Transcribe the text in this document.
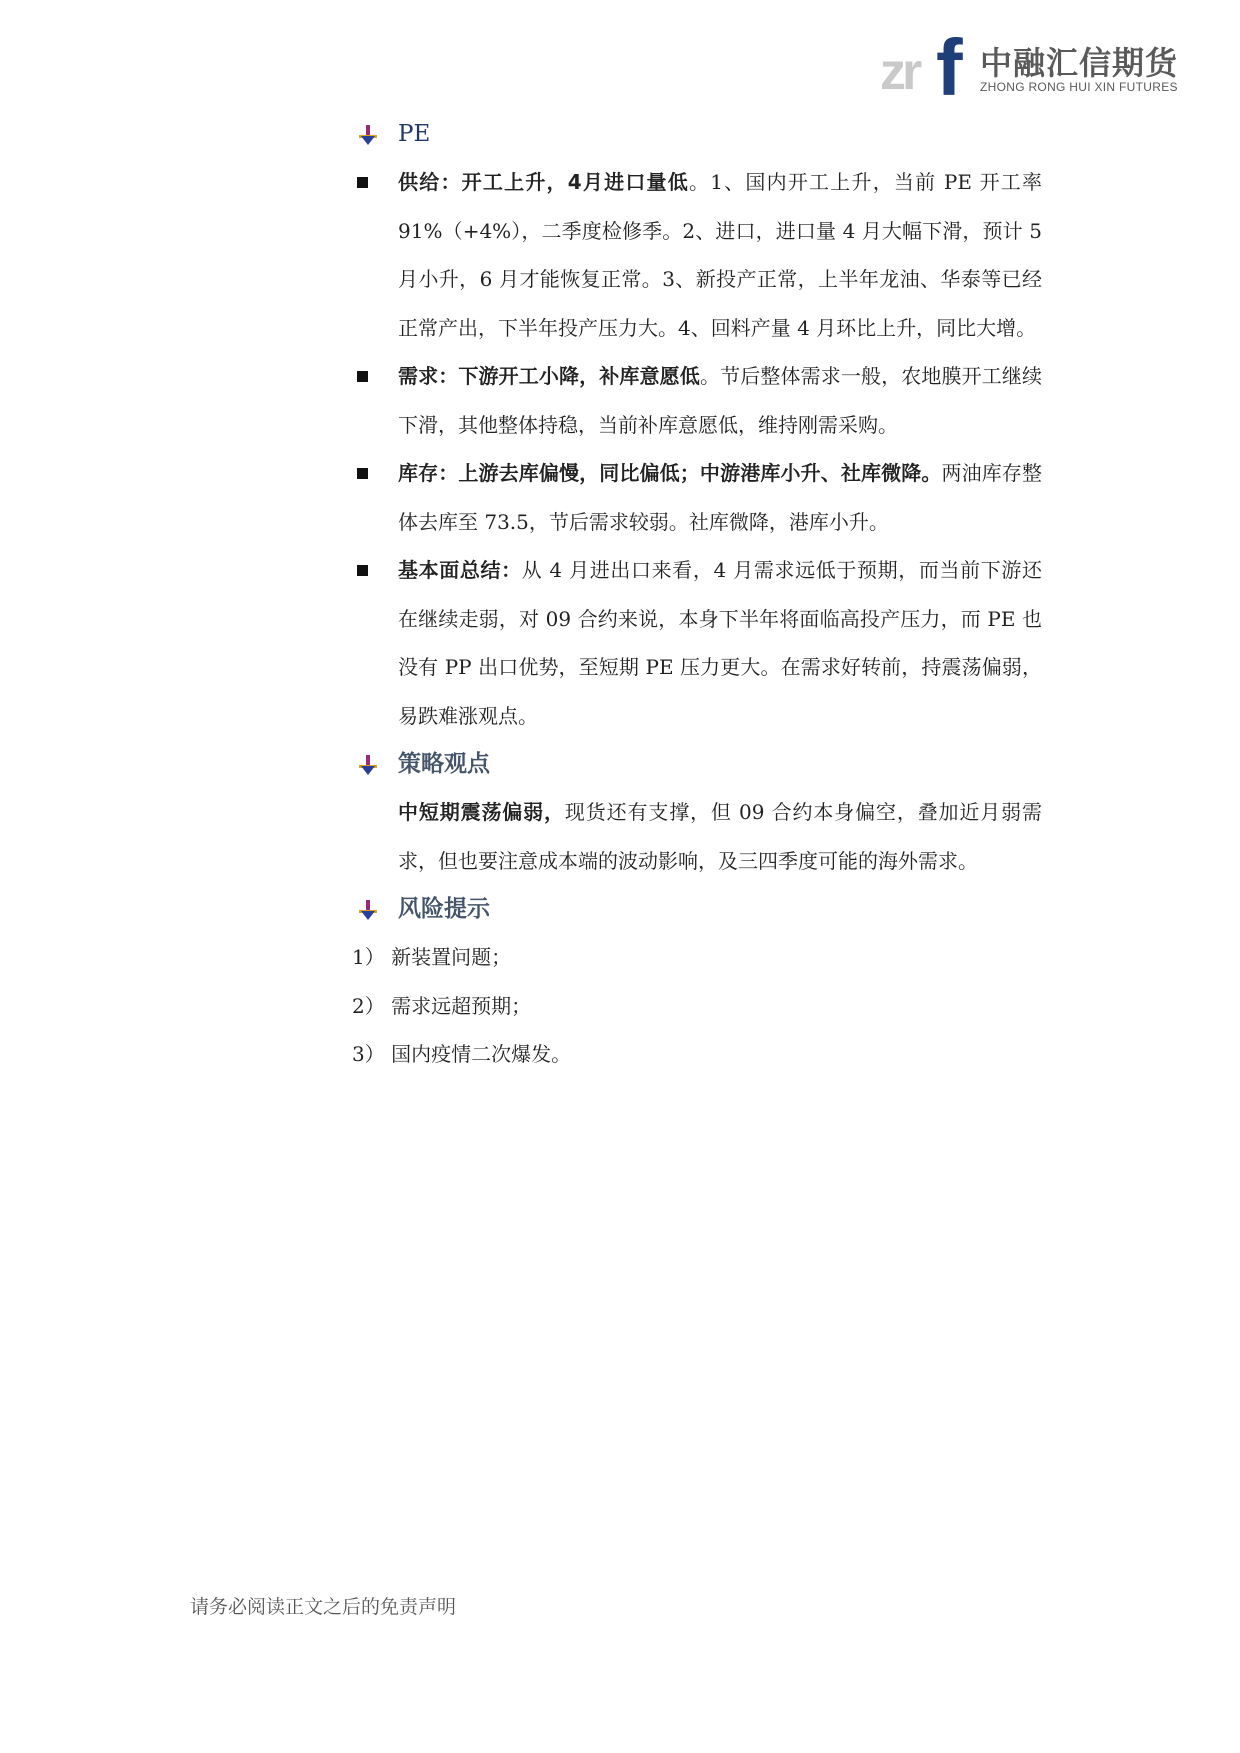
zr f 中融汇信期货
ZHONG RONG HUI XIN FUTURES
PE
供给：开工上升，4月进口量低。1、国内开工上升，当前 PE 开工率 91%（+4%），二季度检修季。2、进口，进口量 4 月大幅下滑，预计 5 月小升，6 月才能恢复正常。3、新投产正常，上半年龙油、华泰等已经正常产出，下半年投产压力大。4、回料产量 4 月环比上升，同比大增。
需求：下游开工小降，补库意愿低。节后整体需求一般，农地膜开工继续下滑，其他整体持稳，当前补库意愿低，维持刚需采购。
库存：上游去库偏慢，同比偏低；中游港库小升、社库微降。两油库存整体去库至 73.5，节后需求较弱。社库微降，港库小升。
基本面总结：从 4 月进出口来看，4 月需求远低于预期，而当前下游还在继续走弱，对 09 合约来说，本身下半年将面临高投产压力，而 PE 也没有 PP 出口优势，至短期 PE 压力更大。在需求好转前，持震荡偏弱，易跌难涨观点。
策略观点
中短期震荡偏弱，现货还有支撑，但 09 合约本身偏空，叠加近月弱需求，但也要注意成本端的波动影响，及三四季度可能的海外需求。
风险提示
1） 新装置问题；
2） 需求远超预期；
3） 国内疫情二次爆发。
请务必阅读正文之后的免责声明
